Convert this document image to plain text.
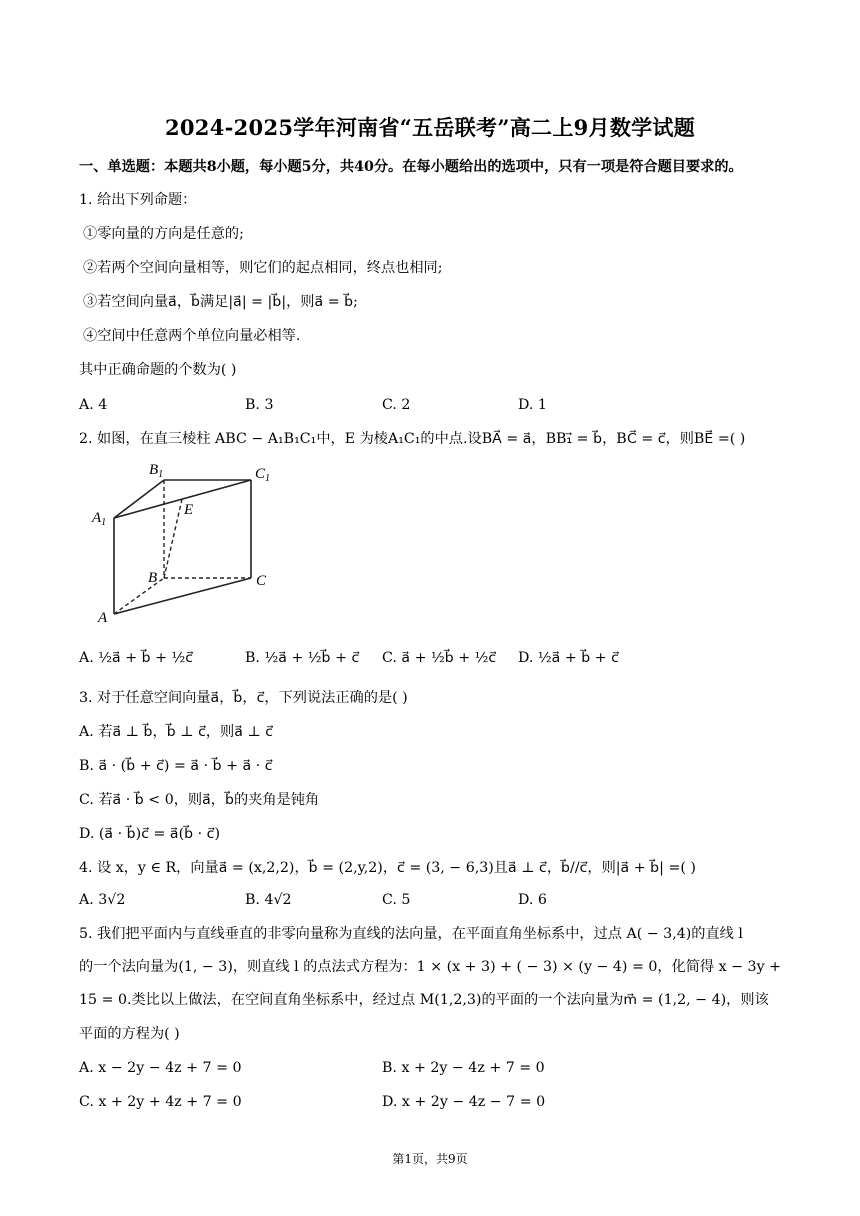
2024-2025学年河南省“五岳联考”高二上9月数学试题
一、单选题：本题共8小题，每小题5分，共40分。在每小题给出的选项中，只有一项是符合题目要求的。
1. 给出下列命题：
①零向量的方向是任意的;
②若两个空间向量相等，则它们的起点相同，终点也相同;
③若空间向量a⃗，b⃗满足|a⃗| = |b⃗|，则a⃗ = b⃗;
④空间中任意两个单位向量必相等.
其中正确命题的个数为( )
A. 4	B. 3	C. 2	D. 1
2. 如图，在直三棱柱 ABC − A₁B₁C₁中，E 为棱A₁C₁的中点.设BA⃗ = a⃗，BB₁⃗ = b⃗，BC⃗ = c⃗，则BE⃗ =( )
$B_1$	$C_1$
$A_1$
E
B	C
A
A. ½a⃗ + b⃗ + ½c⃗	B. ½a⃗ + ½b⃗ + c⃗ C. a⃗ + ½b⃗ + ½c⃗ D. ½a⃗ + b⃗ + c⃗
3. 对于任意空间向量a⃗，b⃗，c⃗，下列说法正确的是( )
A. 若a⃗ ⊥ b⃗，b⃗ ⊥ c⃗，则a⃗ ⊥ c⃗
B. a⃗ · (b⃗ + c⃗) = a⃗ · b⃗ + a⃗ · c⃗
C. 若a⃗ · b⃗ < 0，则a⃗，b⃗的夹角是钝角
D. (a⃗ · b⃗)c⃗ = a⃗(b⃗ · c⃗)
4. 设 x，y ∈ R，向量a⃗ = (x,2,2)，b⃗ = (2,y,2)，c⃗ = (3, − 6,3)且a⃗ ⊥ c⃗，b⃗//c⃗，则|a⃗ + b⃗| =( )
A. 3√2	B. 4√2	C. 5	D. 6
5. 我们把平面内与直线垂直的非零向量称为直线的法向量，在平面直角坐标系中，过点 A( − 3,4)的直线 l
的一个法向量为(1, − 3)，则直线 l 的点法式方程为：1 × (x + 3) + ( − 3) × (y − 4) = 0，化简得 x − 3y +
15 = 0.类比以上做法，在空间直角坐标系中，经过点 M(1,2,3)的平面的一个法向量为m⃗ = (1,2, − 4)，则该
平面的方程为( )
A. x − 2y − 4z + 7 = 0	B. x + 2y − 4z + 7 = 0
C. x + 2y + 4z + 7 = 0	D. x + 2y − 4z − 7 = 0
第1页，共9页
